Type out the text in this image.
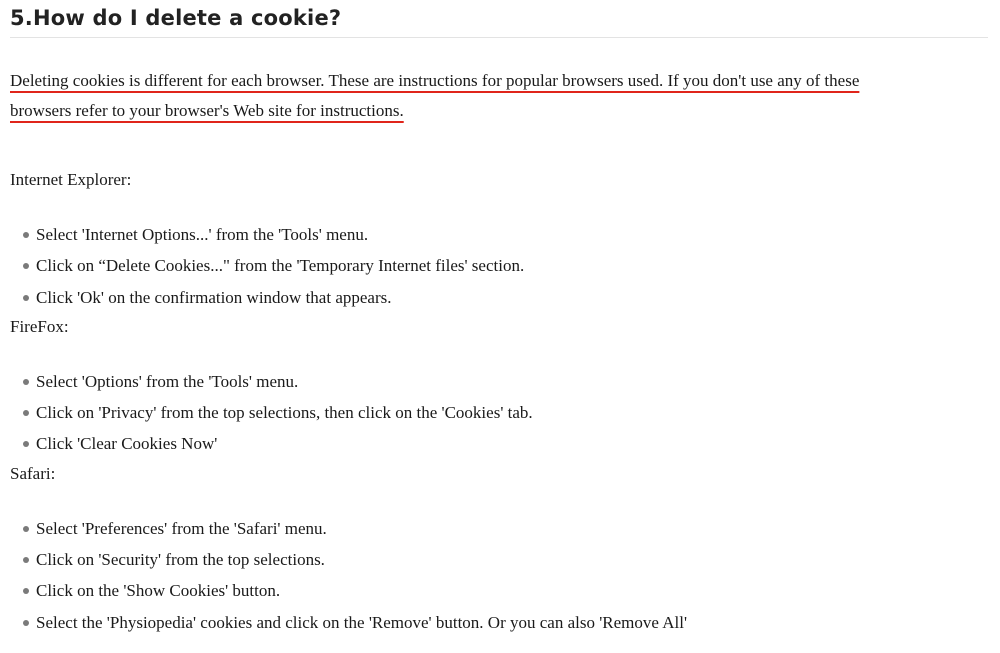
5.How do I delete a cookie?

Deleting cookies is different for each browser. These are instructions for popular browsers used. If you don't use any of these
browsers refer to your browser's Web site for instructions.

Internet Explorer:
Select 'Internet Options...' from the 'Tools' menu.
Click on “Delete Cookies..." from the 'Temporary Internet files' section.
Click 'Ok' on the confirmation window that appears.
FireFox:
Select 'Options' from the 'Tools' menu.
Click on 'Privacy' from the top selections, then click on the 'Cookies' tab.
Click 'Clear Cookies Now'
Safari:
Select 'Preferences' from the 'Safari' menu.
Click on 'Security' from the top selections.
Click on the 'Show Cookies' button.
Select the 'Physiopedia' cookies and click on the 'Remove' button. Or you can also 'Remove All'
